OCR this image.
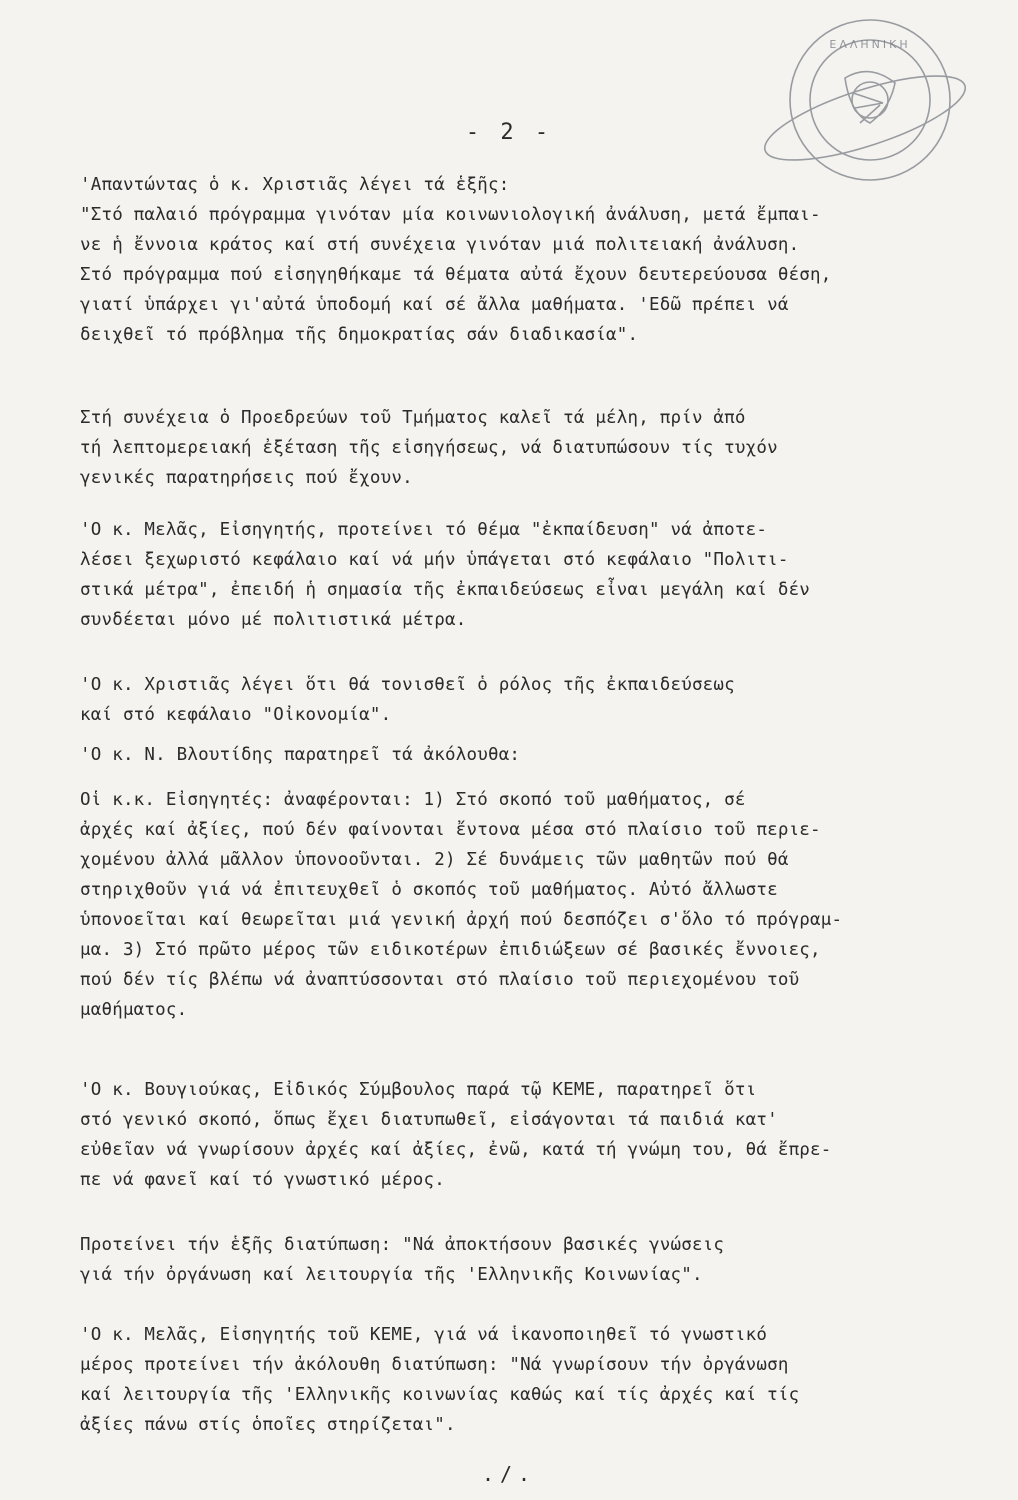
ΕΛΛΗΝΙΚΗ
- 2 -
'Απαντώντας ὁ κ. Χριστιᾶς λέγει τά ἑξῆς:
"Στό παλαιό πρόγραμμα γινόταν μία κοινωνιολογική ἀνάλυση, μετά ἔμπαι-
νε ἡ ἔννοια κράτος καί στή συνέχεια γινόταν μιά πολιτειακή ἀνάλυση.
Στό πρόγραμμα πού εἰσηγηθήκαμε τά θέματα αὐτά ἔχουν δευτερεύουσα θέση,
γιατί ὑπάρχει γι'αὐτά ὑποδομή καί σέ ἄλλα μαθήματα. 'Εδῶ πρέπει νά
δειχθεῖ τό πρόβλημα τῆς δημοκρατίας σάν διαδικασία".
Στή συνέχεια ὁ Προεδρεύων τοῦ Τμήματος καλεῖ τά μέλη, πρίν ἀπό
τή λεπτομερειακή ἐξέταση τῆς εἰσηγήσεως, νά διατυπώσουν τίς τυχόν
γενικές παρατηρήσεις πού ἔχουν.
'Ο κ. Μελᾶς, Εἰσηγητής, προτείνει τό θέμα "ἐκπαίδευση" νά ἀποτε-
λέσει ξεχωριστό κεφάλαιο καί νά μήν ὑπάγεται στό κεφάλαιο "Πολιτι-
στικά μέτρα", ἐπειδή ἡ σημασία τῆς ἐκπαιδεύσεως εἶναι μεγάλη καί δέν
συνδέεται μόνο μέ πολιτιστικά μέτρα.
'Ο κ. Χριστιᾶς λέγει ὅτι θά τονισθεῖ ὁ ρόλος τῆς ἐκπαιδεύσεως
καί στό κεφάλαιο "Οἰκονομία".
'Ο κ. Ν. Βλουτίδης παρατηρεῖ τά ἀκόλουθα:
Οἱ κ.κ. Εἰσηγητές: ἀναφέρονται: 1) Στό σκοπό τοῦ μαθήματος, σέ
ἀρχές καί ἀξίες, πού δέν φαίνονται ἔντονα μέσα στό πλαίσιο τοῦ περιε-
χομένου ἀλλά μᾶλλον ὑπονοοῦνται. 2) Σέ δυνάμεις τῶν μαθητῶν πού θά
στηριχθοῦν γιά νά ἐπιτευχθεῖ ὁ σκοπός τοῦ μαθήματος. Αὐτό ἄλλωστε
ὑπονοεῖται καί θεωρεῖται μιά γενική ἀρχή πού δεσπόζει σ'ὅλο τό πρόγραμ-
μα. 3) Στό πρῶτο μέρος τῶν ειδικοτέρων ἐπιδιώξεων σέ βασικές ἔννοιες,
πού δέν τίς βλέπω νά ἀναπτύσσονται στό πλαίσιο τοῦ περιεχομένου τοῦ
μαθήματος.
'Ο κ. Βουγιούκας, Εἰδικός Σύμβουλος παρά τῷ ΚΕΜΕ, παρατηρεῖ ὅτι
στό γενικό σκοπό, ὅπως ἔχει διατυπωθεῖ, εἰσάγονται τά παιδιά κατ'
εὐθεῖαν νά γνωρίσουν ἀρχές καί ἀξίες, ἐνῶ, κατά τή γνώμη του, θά ἔπρε-
πε νά φανεῖ καί τό γνωστικό μέρος.
Προτείνει τήν ἑξῆς διατύπωση: "Νά ἀποκτήσουν βασικές γνώσεις
γιά τήν ὀργάνωση καί λειτουργία τῆς 'Ελληνικῆς Κοινωνίας".
'Ο κ. Μελᾶς, Εἰσηγητής τοῦ ΚΕΜΕ, γιά νά ἱκανοποιηθεῖ τό γνωστικό
μέρος προτείνει τήν ἀκόλουθη διατύπωση: "Νά γνωρίσουν τήν ὀργάνωση
καί λειτουργία τῆς 'Ελληνικῆς κοινωνίας καθώς καί τίς ἀρχές καί τίς
ἀξίες πάνω στίς ὁποῖες στηρίζεται".
./.
